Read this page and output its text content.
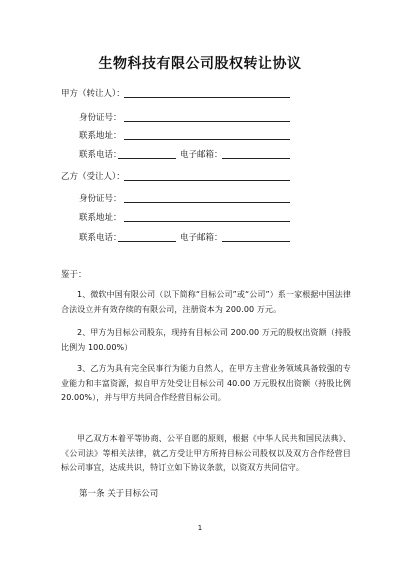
生物科技有限公司股权转让协议
甲方（转让人）：
身份证号：
联系地址：
联系电话：	电子邮箱：
乙方（受让人）：
身份证号：
联系地址：
联系电话：	电子邮箱：
鉴于：
1、微软中国有限公司（以下简称“目标公司”或“公司”）系一家根据中国法律合法设立并有效存续的有限公司，注册资本为 200.00 万元。
2、甲方为目标公司股东，现持有目标公司 200.00 万元的股权出资额（持股比例为 100.00%）
3、乙方为具有完全民事行为能力自然人，在甲方主营业务领域具备较强的专业能力和丰富资源，拟自甲方处受让目标公司 40.00 万元股权出资额（持股比例 20.00%），并与甲方共同合作经营目标公司。
甲乙双方本着平等协商、公平自愿的原则，根据《中华人民共和国民法典》、《公司法》等相关法律，就乙方受让甲方所持目标公司股权以及双方合作经营目标公司事宜，达成共识，特订立如下协议条款，以资双方共同信守。
第一条 关于目标公司
1
